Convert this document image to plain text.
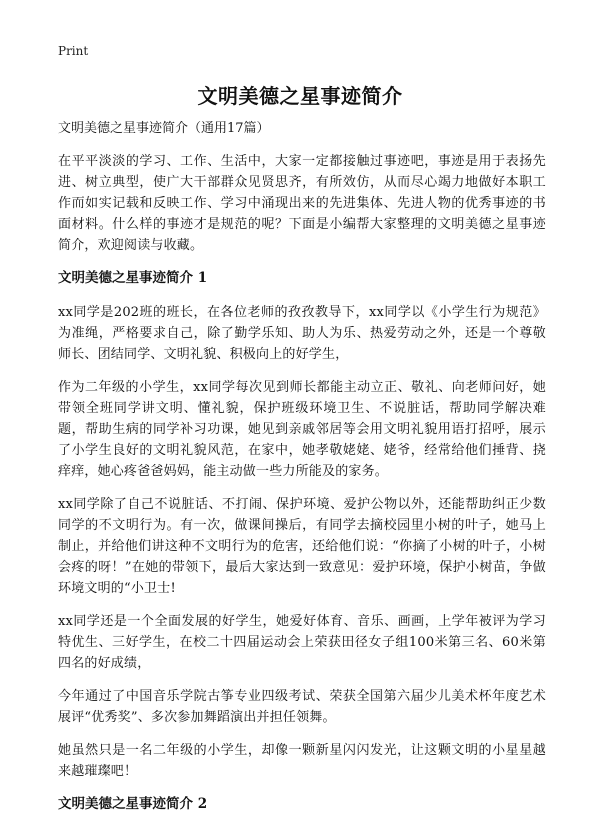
Print
文明美德之星事迹简介
文明美德之星事迹简介（通用17篇）

在平平淡淡的学习、工作、生活中，大家一定都接触过事迹吧，事迹是用于表扬先进、树立典型，使广大干部群众见贤思齐，有所效仿，从而尽心竭力地做好本职工作而如实记载和反映工作、学习中涌现出来的先进集体、先进人物的优秀事迹的书面材料。什么样的事迹才是规范的呢？下面是小编帮大家整理的文明美德之星事迹简介，欢迎阅读与收藏。

文明美德之星事迹简介 1

xx同学是202班的班长，在各位老师的孜孜教导下，xx同学以《小学生行为规范》为准绳，严格要求自己，除了勤学乐知、助人为乐、热爱劳动之外，还是一个尊敬师长、团结同学、文明礼貌、积极向上的好学生，

作为二年级的小学生，xx同学每次见到师长都能主动立正、敬礼、向老师问好，她带领全班同学讲文明、懂礼貌，保护班级环境卫生、不说脏话，帮助同学解决难题，帮助生病的同学补习功课，她见到亲戚邻居等会用文明礼貌用语打招呼，展示了小学生良好的文明礼貌风范，在家中，她孝敬姥姥、姥爷，经常给他们捶背、挠痒痒，她心疼爸爸妈妈，能主动做一些力所能及的家务。

xx同学除了自己不说脏话、不打闹、保护环境、爱护公物以外，还能帮助纠正少数同学的不文明行为。有一次，做课间操后，有同学去摘校园里小树的叶子，她马上制止，并给他们讲这种不文明行为的危害，还给他们说：“你摘了小树的叶子，小树会疼的呀！”在她的带领下，最后大家达到一致意见：爱护环境，保护小树苗，争做环境文明的“小卫士!

xx同学还是一个全面发展的好学生，她爱好体育、音乐、画画，上学年被评为学习特优生、三好学生，在校二十四届运动会上荣获田径女子组100米第三名、60米第四名的好成绩，

今年通过了中国音乐学院古筝专业四级考试、荣获全国第六届少儿美术杯年度艺术展评“优秀奖”、多次参加舞蹈演出并担任领舞。

她虽然只是一名二年级的小学生，却像一颗新星闪闪发光，让这颗文明的小星星越来越璀璨吧！

文明美德之星事迹简介 2
